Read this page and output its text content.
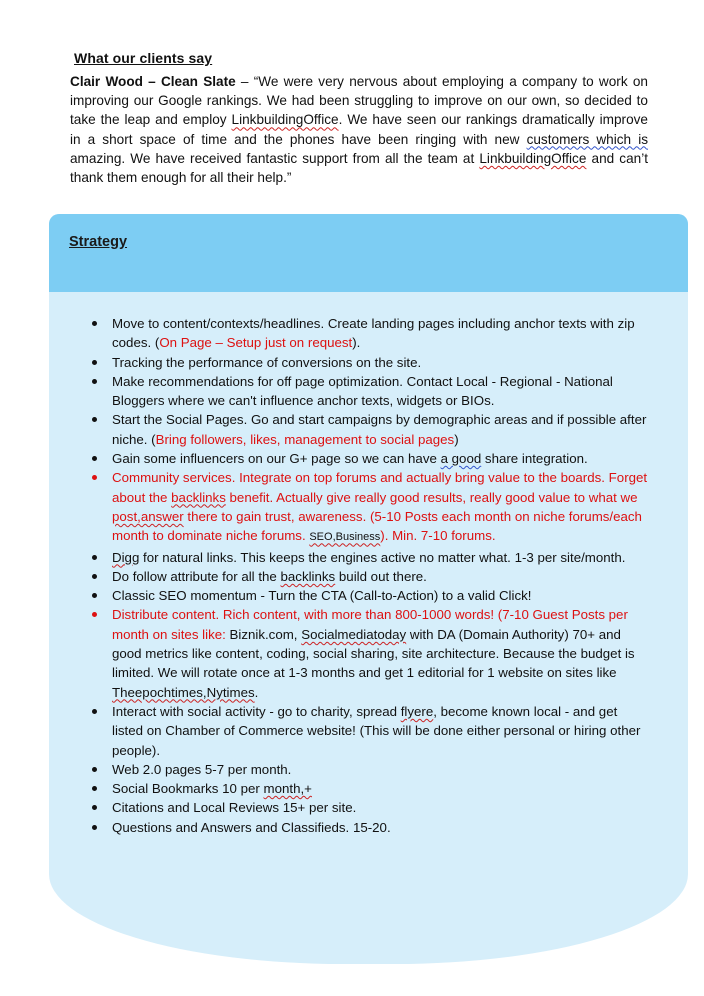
What our clients say

Clair Wood – Clean Slate – “We were very nervous about employing a company to work on improving our Google rankings. We had been struggling to improve on our own, so decided to take the leap and employ LinkbuildingOffice. We have seen our rankings dramatically improve in a short space of time and the phones have been ringing with new customers which is amazing. We have received fantastic support from all the team at LinkbuildingOffice and can’t thank them enough for all their help.”

Strategy
Move to content/contexts/headlines. Create landing pages including anchor texts with zip codes. (On Page – Setup just on request).
Tracking the performance of conversions on the site.
Make recommendations for off page optimization. Contact Local - Regional - National Bloggers where we can't influence anchor texts, widgets or BIOs.
Start the Social Pages. Go and start campaigns by demographic areas and if possible after niche. (Bring followers, likes, management to social pages)
Gain some influencers on our G+ page so we can have a good share integration.
Community services. Integrate on top forums and actually bring value to the boards. Forget about the backlinks benefit. Actually give really good results, really good value to what we post,answer there to gain trust, awareness. (5-10 Posts each month on niche forums/each month to dominate niche forums. SEO,Business). Min. 7-10 forums.
Digg for natural links. This keeps the engines active no matter what. 1-3 per site/month.
Do follow attribute for all the backlinks build out there.
Classic SEO momentum - Turn the CTA (Call-to-Action) to a valid Click!
Distribute content. Rich content, with more than 800-1000 words! (7-10 Guest Posts per month on sites like: Biznik.com, Socialmediatoday with DA (Domain Authority) 70+ and good metrics like content, coding, social sharing, site architecture. Because the budget is limited. We will rotate once at 1-3 months and get 1 editorial for 1 website on sites like Theepochtimes,Nytimes.
Interact with social activity - go to charity, spread flyere, become known local - and get listed on Chamber of Commerce website! (This will be done either personal or hiring other people).
Web 2.0 pages 5-7 per month.
Social Bookmarks 10 per month,+
Citations and Local Reviews 15+ per site.
Questions and Answers and Classifieds. 15-20.
